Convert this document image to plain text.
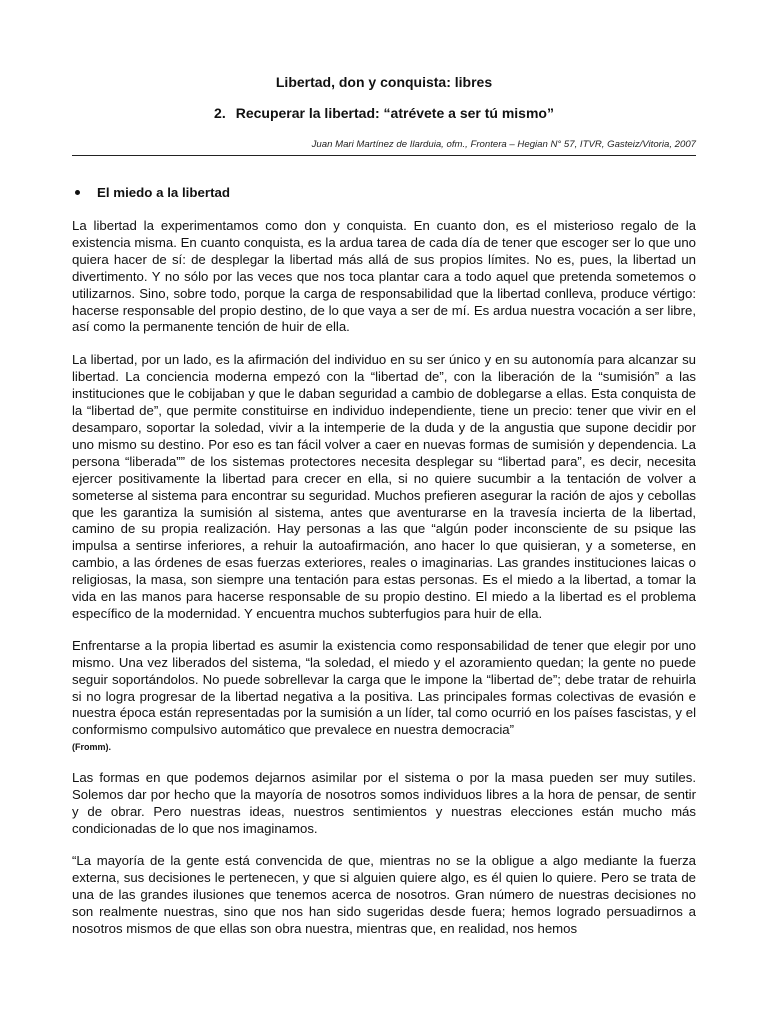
Libertad, don y conquista: libres
2. Recuperar la libertad: “atrévete a ser tú mismo”

Juan Mari Martínez de Ilarduia, ofm., Frontera – Hegian N° 57, ITVR, Gasteiz/Vitoria, 2007

El miedo a la libertad

La libertad la experimentamos como don y conquista. En cuanto don, es el misterioso regalo de la existencia misma. En cuanto conquista, es la ardua tarea de cada día de tener que escoger ser lo que uno quiera hacer de sí: de desplegar la libertad más allá de sus propios límites. No es, pues, la libertad un divertimento. Y no sólo por las veces que nos toca plantar cara a todo aquel que pretenda sometemos o utilizarnos. Sino, sobre todo, porque la carga de responsabilidad que la libertad conlleva, produce vértigo: hacerse responsable del propio destino, de lo que vaya a ser de mí. Es ardua nuestra vocación a ser libre, así como la permanente tención de huir de ella.

La libertad, por un lado, es la afirmación del individuo en su ser único y en su autonomía para alcanzar su libertad. La conciencia moderna empezó con la “libertad de”, con la liberación de la “sumisión” a las instituciones que le cobijaban y que le daban seguridad a cambio de doblegarse a ellas. Esta conquista de la “libertad de”, que permite constituirse en individuo independiente, tiene un precio: tener que vivir en el desamparo, soportar la soledad, vivir a la intemperie de la duda y de la angustia que supone decidir por uno mismo su destino. Por eso es tan fácil volver a caer en nuevas formas de sumisión y dependencia. La persona “liberada”” de los sistemas protectores necesita desplegar su “libertad para”, es decir, necesita ejercer positivamente la libertad para crecer en ella, si no quiere sucumbir a la tentación de volver a someterse al sistema para encontrar su seguridad. Muchos prefieren asegurar la ración de ajos y cebollas que les garantiza la sumisión al sistema, antes que aventurarse en la travesía incierta de la libertad, camino de su propia realización. Hay personas a las que “algún poder inconsciente de su psique las impulsa a sentirse inferiores, a rehuir la autoafirmación, ano hacer lo que quisieran, y a someterse, en cambio, a las órdenes de esas fuerzas exteriores, reales o imaginarias. Las grandes instituciones laicas o religiosas, la masa, son siempre una tentación para estas personas. Es el miedo a la libertad, a tomar la vida en las manos para hacerse responsable de su propio destino. El miedo a la libertad es el problema específico de la modernidad. Y encuentra muchos subterfugios para huir de ella.

Enfrentarse a la propia libertad es asumir la existencia como responsabilidad de tener que elegir por uno mismo. Una vez liberados del sistema, “la soledad, el miedo y el azoramiento quedan; la gente no puede seguir soportándolos. No puede sobrellevar la carga que le impone la “libertad de”; debe tratar de rehuirla si no logra progresar de la libertad negativa a la positiva. Las principales formas colectivas de evasión e nuestra época están representadas por la sumisión a un líder, tal como ocurrió en los países fascistas, y el conformismo compulsivo automático que prevalece en nuestra democracia”

(Fromm).

Las formas en que podemos dejarnos asimilar por el sistema o por la masa pueden ser muy sutiles. Solemos dar por hecho que la mayoría de nosotros somos individuos libres a la hora de pensar, de sentir y de obrar. Pero nuestras ideas, nuestros sentimientos y nuestras elecciones están mucho más condicionadas de lo que nos imaginamos.

“La mayoría de la gente está convencida de que, mientras no se la obligue a algo mediante la fuerza externa, sus decisiones le pertenecen, y que si alguien quiere algo, es él quien lo quiere. Pero se trata de una de las grandes ilusiones que tenemos acerca de nosotros. Gran número de nuestras decisiones no son realmente nuestras, sino que nos han sido sugeridas desde fuera; hemos logrado persuadirnos a nosotros mismos de que ellas son obra nuestra, mientras que, en realidad, nos hemos
